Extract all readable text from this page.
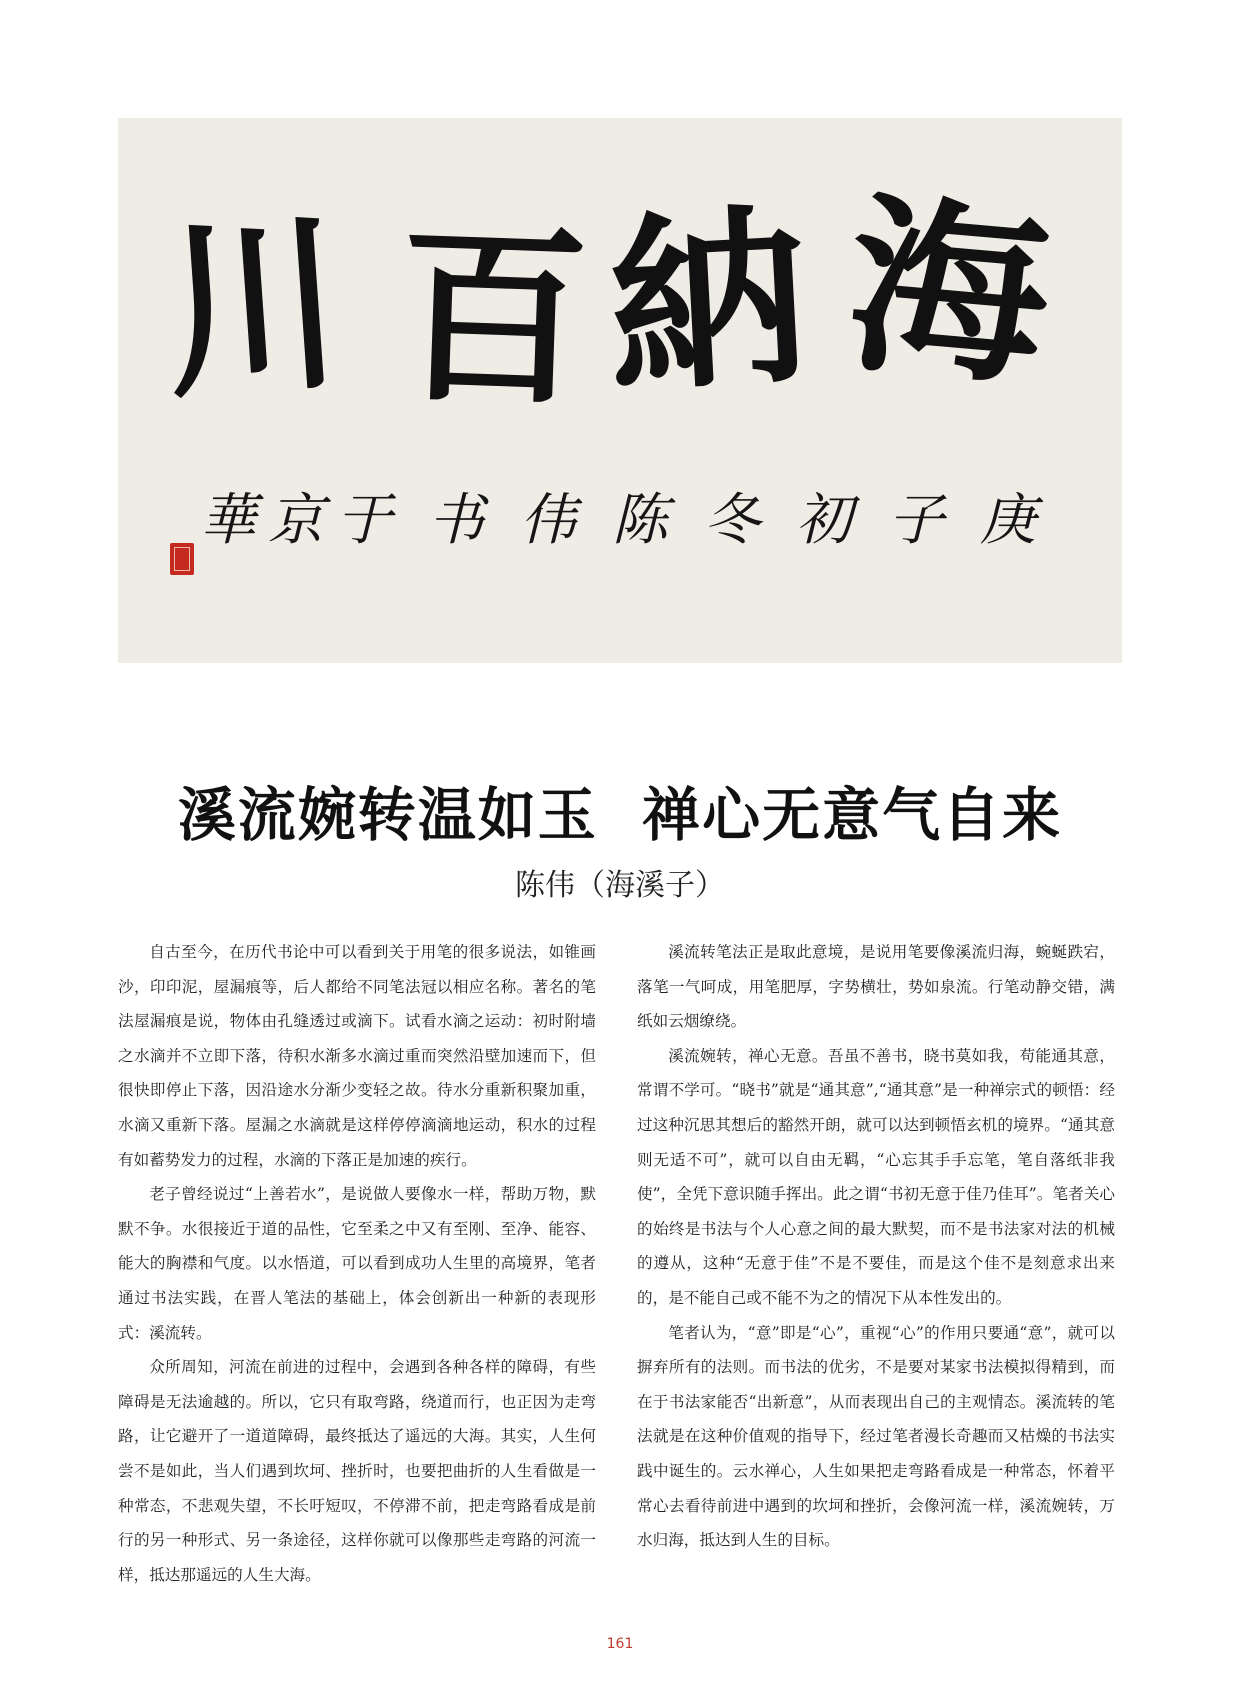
川 百 納 海
庚
子
初
冬
陈
伟
书
于
京
華
溪流婉转温如玉  禅心无意气自来
陈伟（海溪子）

自古至今，在历代书论中可以看到关于用笔的很多说法，如锥画沙，印印泥，屋漏痕等，后人都给不同笔法冠以相应名称。著名的笔法屋漏痕是说，物体由孔缝透过或滴下。试看水滴之运动：初时附墙之水滴并不立即下落，待积水渐多水滴过重而突然沿壁加速而下，但很快即停止下落，因沿途水分渐少变轻之故。待水分重新积聚加重，水滴又重新下落。屋漏之水滴就是这样停停滴滴地运动，积水的过程有如蓄势发力的过程，水滴的下落正是加速的疾行。

老子曾经说过“上善若水”，是说做人要像水一样，帮助万物，默默不争。水很接近于道的品性，它至柔之中又有至刚、至净、能容、能大的胸襟和气度。以水悟道，可以看到成功人生里的高境界，笔者通过书法实践，在晋人笔法的基础上，体会创新出一种新的表现形式：溪流转。

众所周知，河流在前进的过程中，会遇到各种各样的障碍，有些障碍是无法逾越的。所以，它只有取弯路，绕道而行，也正因为走弯路，让它避开了一道道障碍，最终抵达了遥远的大海。其实，人生何尝不是如此，当人们遇到坎坷、挫折时，也要把曲折的人生看做是一种常态，不悲观失望，不长吁短叹，不停滞不前，把走弯路看成是前行的另一种形式、另一条途径，这样你就可以像那些走弯路的河流一样，抵达那遥远的人生大海。

溪流转笔法正是取此意境，是说用笔要像溪流归海，蜿蜒跌宕，落笔一气呵成，用笔肥厚，字势横壮，势如泉流。行笔动静交错，满纸如云烟缭绕。

溪流婉转，禅心无意。吾虽不善书，晓书莫如我，苟能通其意，常谓不学可。“晓书”就是“通其意”,“通其意”是一种禅宗式的顿悟：经过这种沉思其想后的豁然开朗，就可以达到顿悟玄机的境界。“通其意则无适不可”，就可以自由无羁，“心忘其手手忘笔，笔自落纸非我使”，全凭下意识随手挥出。此之谓“书初无意于佳乃佳耳”。笔者关心的始终是书法与个人心意之间的最大默契，而不是书法家对法的机械的遵从，这种“无意于佳”不是不要佳，而是这个佳不是刻意求出来的，是不能自己或不能不为之的情况下从本性发出的。

笔者认为，“意”即是“心”，重视“心”的作用只要通“意”，就可以摒弃所有的法则。而书法的优劣，不是要对某家书法模拟得精到，而在于书法家能否“出新意”，从而表现出自己的主观情态。溪流转的笔法就是在这种价值观的指导下，经过笔者漫长奇趣而又枯燥的书法实践中诞生的。云水禅心，人生如果把走弯路看成是一种常态，怀着平常心去看待前进中遇到的坎坷和挫折，会像河流一样，溪流婉转，万水归海，抵达到人生的目标。

161
